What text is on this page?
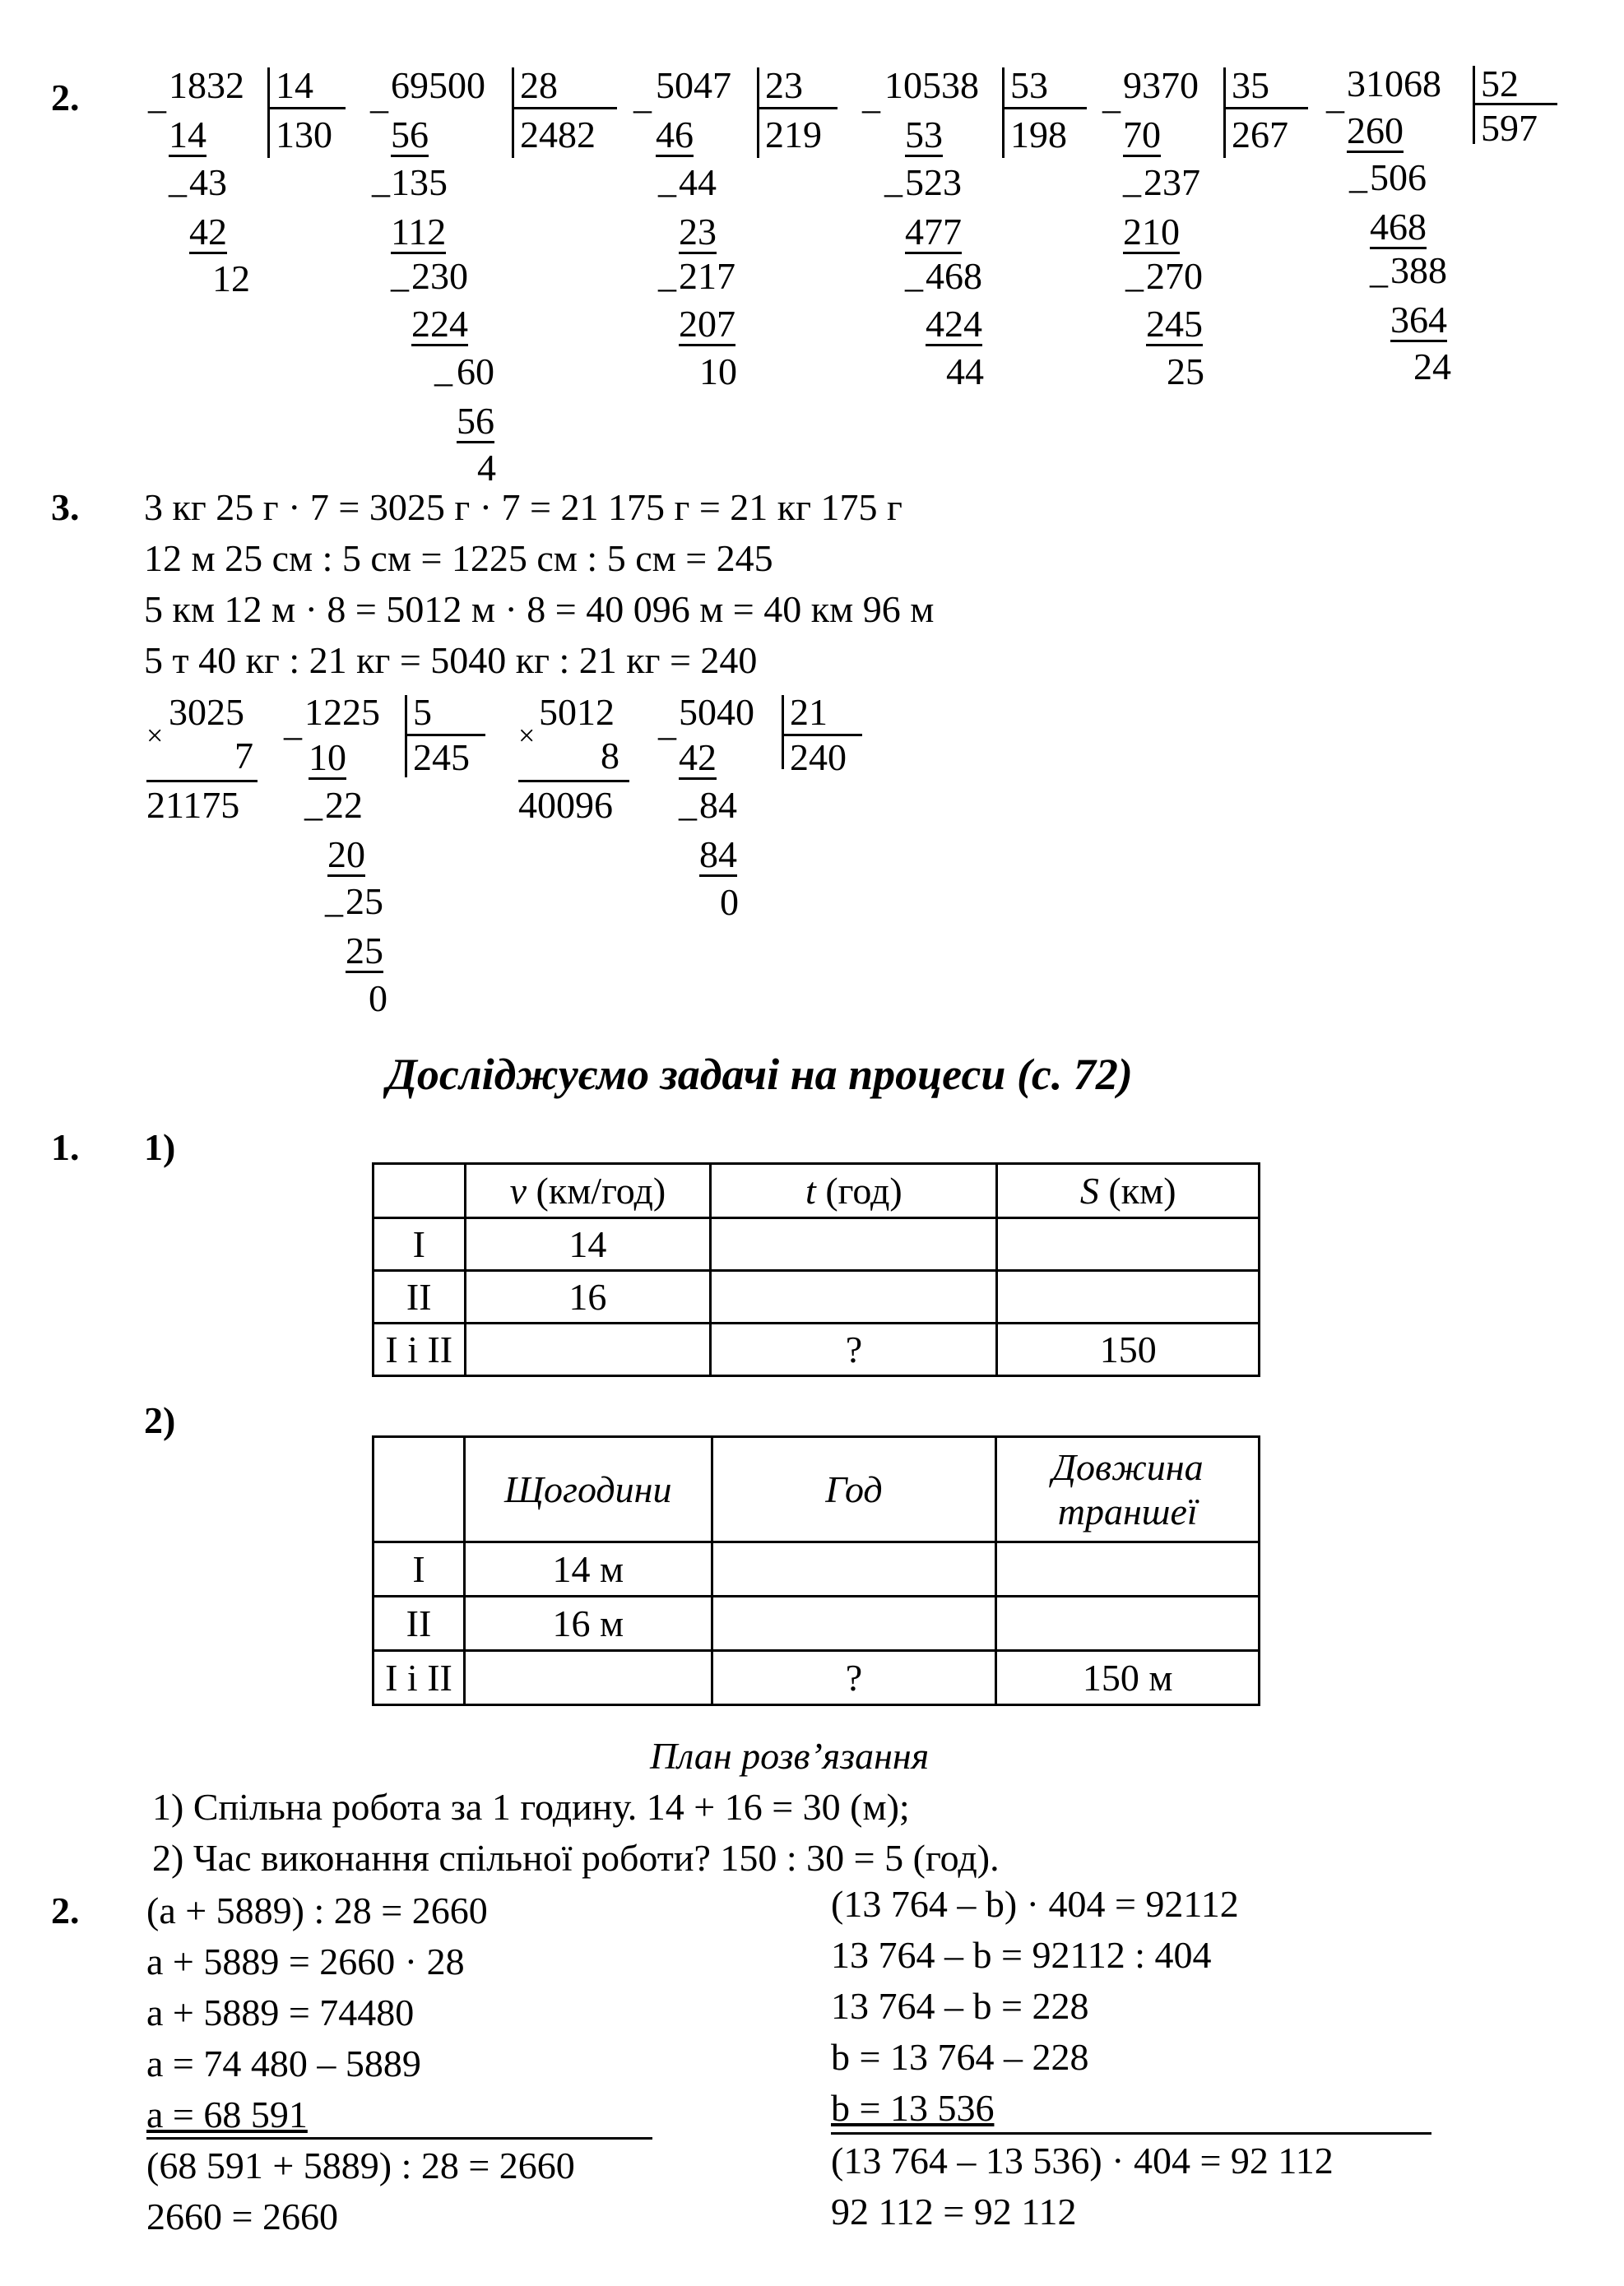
2. _ 1832 14
130
14
_ 43
42
12
_ 69500 28
2482
56
_ 135
112
_ 230
224
_ 60
56
4
_ 5047 23
219
46
_ 44
23
_ 217
207
10
_ 10538 53
198
53
_ 523
477
_ 468
424
44
_ 9370 35
267
70
_ 237
210
_ 270
245
25
_ 31068 52
597
260
_ 506
468
_ 388
364
24
3. 3 кг 25 г · 7 = 3025 г · 7 = 21 175 г = 21 кг 175 г
12 м 25 см : 5 см = 1225 см : 5 см = 245
5 км 12 м · 8 = 5012 м · 8 = 40 096 м = 40 км 96 м
5 т 40 кг : 21 кг = 5040 кг : 21 кг = 240
×
3025
7
21175
_ 1225 5
245
10
_ 22
20
_ 25
25
0
×
5012
8
40096
_ 5040 21
240
42
_ 84
84
0
Досліджуємо задачі на процеси (с. 72)
1. 1)
	v (км/год)	t (год)	S (км)
I	14		
II	16		
I і II		?	150
2)
	Щогодини	Год	Довжина траншеї
I	14 м		
II	16 м		
I і II		?	150 м
План розв’язання
1) Спільна робота за 1 годину. 14 + 16 = 30 (м);
2) Час виконання спільної роботи? 150 : 30 = 5 (год).
2. (a + 5889) : 28 = 2660
a + 5889 = 2660 · 28
a + 5889 = 74480
a = 74 480 – 5889
a = 68 591
(68 591 + 5889) : 28 = 2660
2660 = 2660
(13 764 – b) · 404 = 92112
13 764 – b = 92112 : 404
13 764 – b = 228
b = 13 764 – 228
b = 13 536
(13 764 – 13 536) · 404 = 92 112
92 112 = 92 112
